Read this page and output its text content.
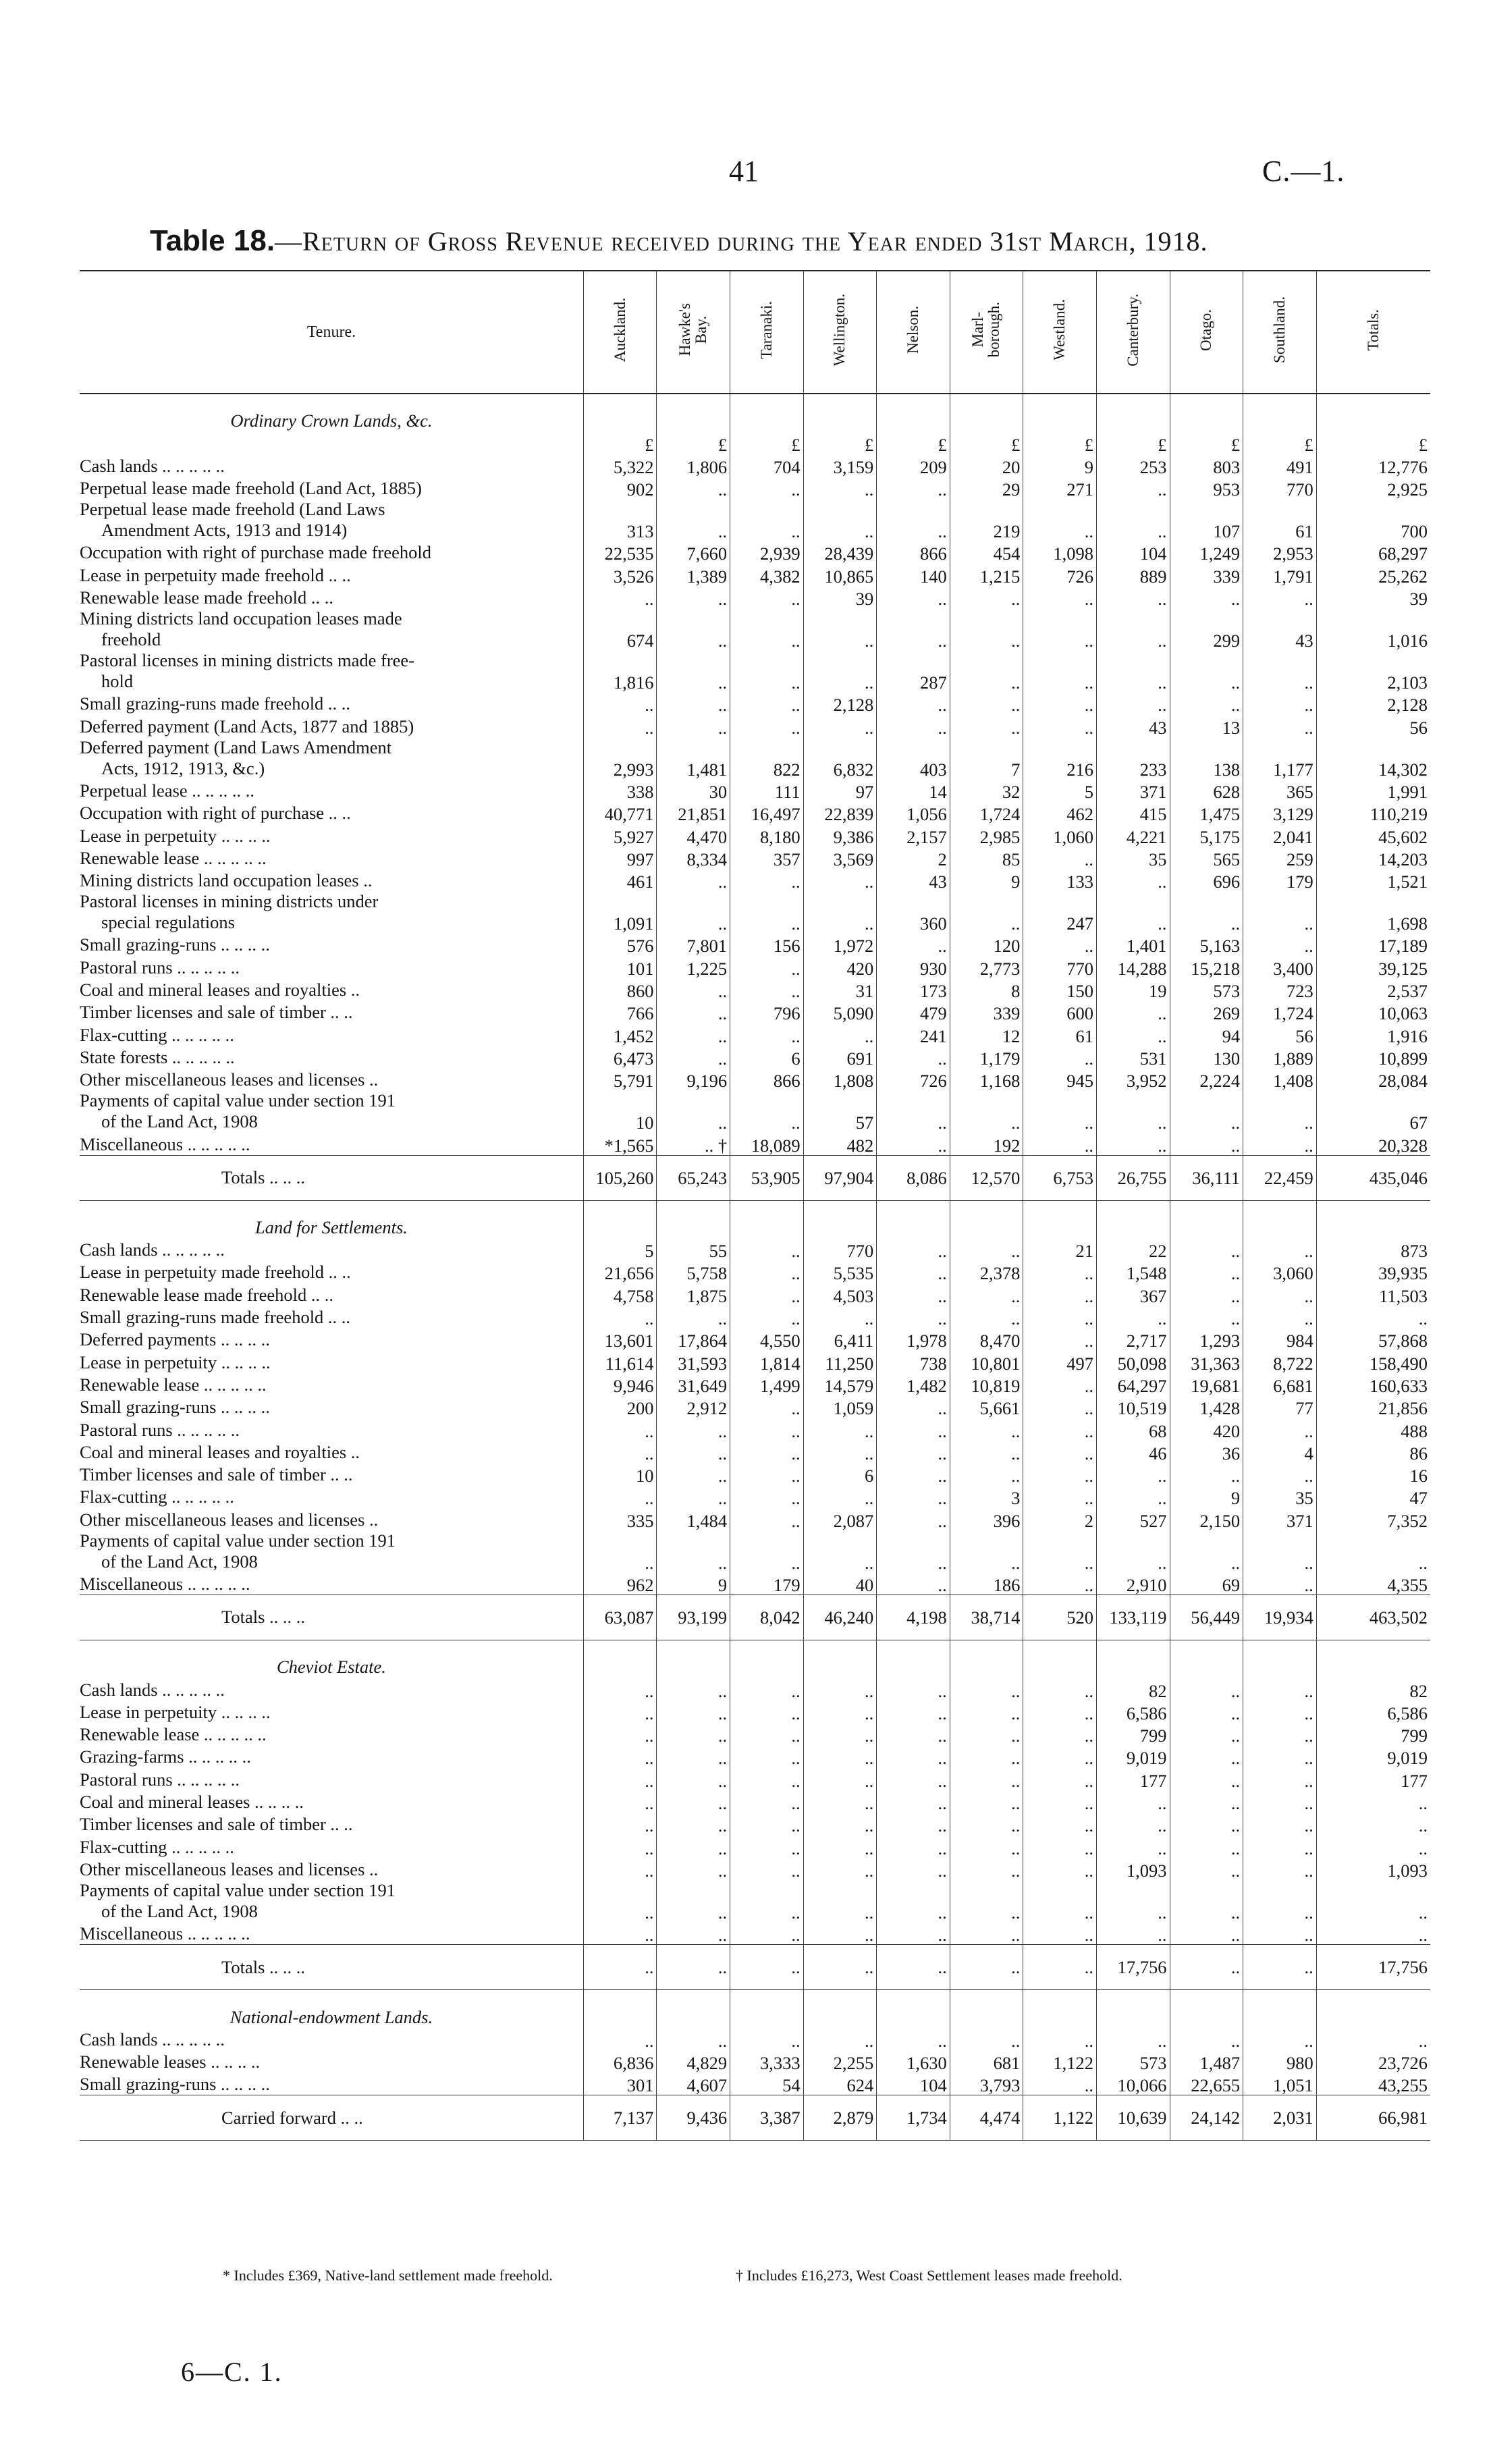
41	C.—1.
Table 18.—Return of Gross Revenue received during the Year ended 31st March, 1918.
Tenure.	Auckland.	Hawke's
Bay.	Taranaki.	Wellington.	Nelson.	Marl-
borough.	Westland.	Canterbury.	Otago.	Southland.	Totals.
Ordinary Crown Lands, &c.											
	£	£	£	£	£	£	£	£	£	£	£
Cash lands .. .. .. .. ..	5,322	1,806	704	3,159	209	20	9	253	803	491	12,776
Perpetual lease made freehold (Land Act, 1885)	902	..	..	..	..	29	271	..	953	770	2,925
Perpetual lease made freehold (Land Laws
Amendment Acts, 1913 and 1914)	313	..	..	..	..	219	..	..	107	61	700
Occupation with right of purchase made freehold	22,535	7,660	2,939	28,439	866	454	1,098	104	1,249	2,953	68,297
Lease in perpetuity made freehold .. ..	3,526	1,389	4,382	10,865	140	1,215	726	889	339	1,791	25,262
Renewable lease made freehold .. ..	..	..	..	39	..	..	..	..	..	..	39
Mining districts land occupation leases made
freehold	674	..	..	..	..	..	..	..	299	43	1,016
Pastoral licenses in mining districts made free-
hold	1,816	..	..	..	287	..	..	..	..	..	2,103
Small grazing-runs made freehold .. ..	..	..	..	2,128	..	..	..	..	..	..	2,128
Deferred payment (Land Acts, 1877 and 1885)	..	..	..	..	..	..	..	43	13	..	56
Deferred payment (Land Laws Amendment
Acts, 1912, 1913, &c.)	2,993	1,481	822	6,832	403	7	216	233	138	1,177	14,302
Perpetual lease .. .. .. .. ..	338	30	111	97	14	32	5	371	628	365	1,991
Occupation with right of purchase .. ..	40,771	21,851	16,497	22,839	1,056	1,724	462	415	1,475	3,129	110,219
Lease in perpetuity .. .. .. ..	5,927	4,470	8,180	9,386	2,157	2,985	1,060	4,221	5,175	2,041	45,602
Renewable lease .. .. .. .. ..	997	8,334	357	3,569	2	85	..	35	565	259	14,203
Mining districts land occupation leases ..	461	..	..	..	43	9	133	..	696	179	1,521
Pastoral licenses in mining districts under
special regulations	1,091	..	..	..	360	..	247	..	..	..	1,698
Small grazing-runs .. .. .. ..	576	7,801	156	1,972	..	120	..	1,401	5,163	..	17,189
Pastoral runs .. .. .. .. ..	101	1,225	..	420	930	2,773	770	14,288	15,218	3,400	39,125
Coal and mineral leases and royalties ..	860	..	..	31	173	8	150	19	573	723	2,537
Timber licenses and sale of timber .. ..	766	..	796	5,090	479	339	600	..	269	1,724	10,063
Flax-cutting .. .. .. .. ..	1,452	..	..	..	241	12	61	..	94	56	1,916
State forests .. .. .. .. ..	6,473	..	6	691	..	1,179	..	531	130	1,889	10,899
Other miscellaneous leases and licenses ..	5,791	9,196	866	1,808	726	1,168	945	3,952	2,224	1,408	28,084
Payments of capital value under section 191
of the Land Act, 1908	10	..	..	57	..	..	..	..	..	..	67
Miscellaneous .. .. .. .. ..	*1,565	.. †	18,089	482	..	192	..	..	..	..	20,328
Totals .. .. ..	105,260	65,243	53,905	97,904	8,086	12,570	6,753	26,755	36,111	22,459	435,046
Land for Settlements.											
Cash lands .. .. .. .. ..	5	55	..	770	..	..	21	22	..	..	873
Lease in perpetuity made freehold .. ..	21,656	5,758	..	5,535	..	2,378	..	1,548	..	3,060	39,935
Renewable lease made freehold .. ..	4,758	1,875	..	4,503	..	..	..	367	..	..	11,503
Small grazing-runs made freehold .. ..	..	..	..	..	..	..	..	..	..	..	..
Deferred payments .. .. .. ..	13,601	17,864	4,550	6,411	1,978	8,470	..	2,717	1,293	984	57,868
Lease in perpetuity .. .. .. ..	11,614	31,593	1,814	11,250	738	10,801	497	50,098	31,363	8,722	158,490
Renewable lease .. .. .. .. ..	9,946	31,649	1,499	14,579	1,482	10,819	..	64,297	19,681	6,681	160,633
Small grazing-runs .. .. .. ..	200	2,912	..	1,059	..	5,661	..	10,519	1,428	77	21,856
Pastoral runs .. .. .. .. ..	..	..	..	..	..	..	..	68	420	..	488
Coal and mineral leases and royalties ..	..	..	..	..	..	..	..	46	36	4	86
Timber licenses and sale of timber .. ..	10	..	..	6	..	..	..	..	..	..	16
Flax-cutting .. .. .. .. ..	..	..	..	..	..	3	..	..	9	35	47
Other miscellaneous leases and licenses ..	335	1,484	..	2,087	..	396	2	527	2,150	371	7,352
Payments of capital value under section 191
of the Land Act, 1908	..	..	..	..	..	..	..	..	..	..	..
Miscellaneous .. .. .. .. ..	962	9	179	40	..	186	..	2,910	69	..	4,355
Totals .. .. ..	63,087	93,199	8,042	46,240	4,198	38,714	520	133,119	56,449	19,934	463,502
Cheviot Estate.											
Cash lands .. .. .. .. ..	..	..	..	..	..	..	..	82	..	..	82
Lease in perpetuity .. .. .. ..	..	..	..	..	..	..	..	6,586	..	..	6,586
Renewable lease .. .. .. .. ..	..	..	..	..	..	..	..	799	..	..	799
Grazing-farms .. .. .. .. ..	..	..	..	..	..	..	..	9,019	..	..	9,019
Pastoral runs .. .. .. .. ..	..	..	..	..	..	..	..	177	..	..	177
Coal and mineral leases .. .. .. ..	..	..	..	..	..	..	..	..	..	..	..
Timber licenses and sale of timber .. ..	..	..	..	..	..	..	..	..	..	..	..
Flax-cutting .. .. .. .. ..	..	..	..	..	..	..	..	..	..	..	..
Other miscellaneous leases and licenses ..	..	..	..	..	..	..	..	1,093	..	..	1,093
Payments of capital value under section 191
of the Land Act, 1908	..	..	..	..	..	..	..	..	..	..	..
Miscellaneous .. .. .. .. ..	..	..	..	..	..	..	..	..	..	..	..
Totals .. .. ..	..	..	..	..	..	..	..	17,756	..	..	17,756
National-endowment Lands.											
Cash lands .. .. .. .. ..	..	..	..	..	..	..	..	..	..	..	..
Renewable leases .. .. .. ..	6,836	4,829	3,333	2,255	1,630	681	1,122	573	1,487	980	23,726
Small grazing-runs .. .. .. ..	301	4,607	54	624	104	3,793	..	10,066	22,655	1,051	43,255
Carried forward .. ..	7,137	9,436	3,387	2,879	1,734	4,474	1,122	10,639	24,142	2,031	66,981
* Includes £369, Native-land settlement made freehold.	† Includes £16,273, West Coast Settlement leases made freehold.
6—C. 1.
